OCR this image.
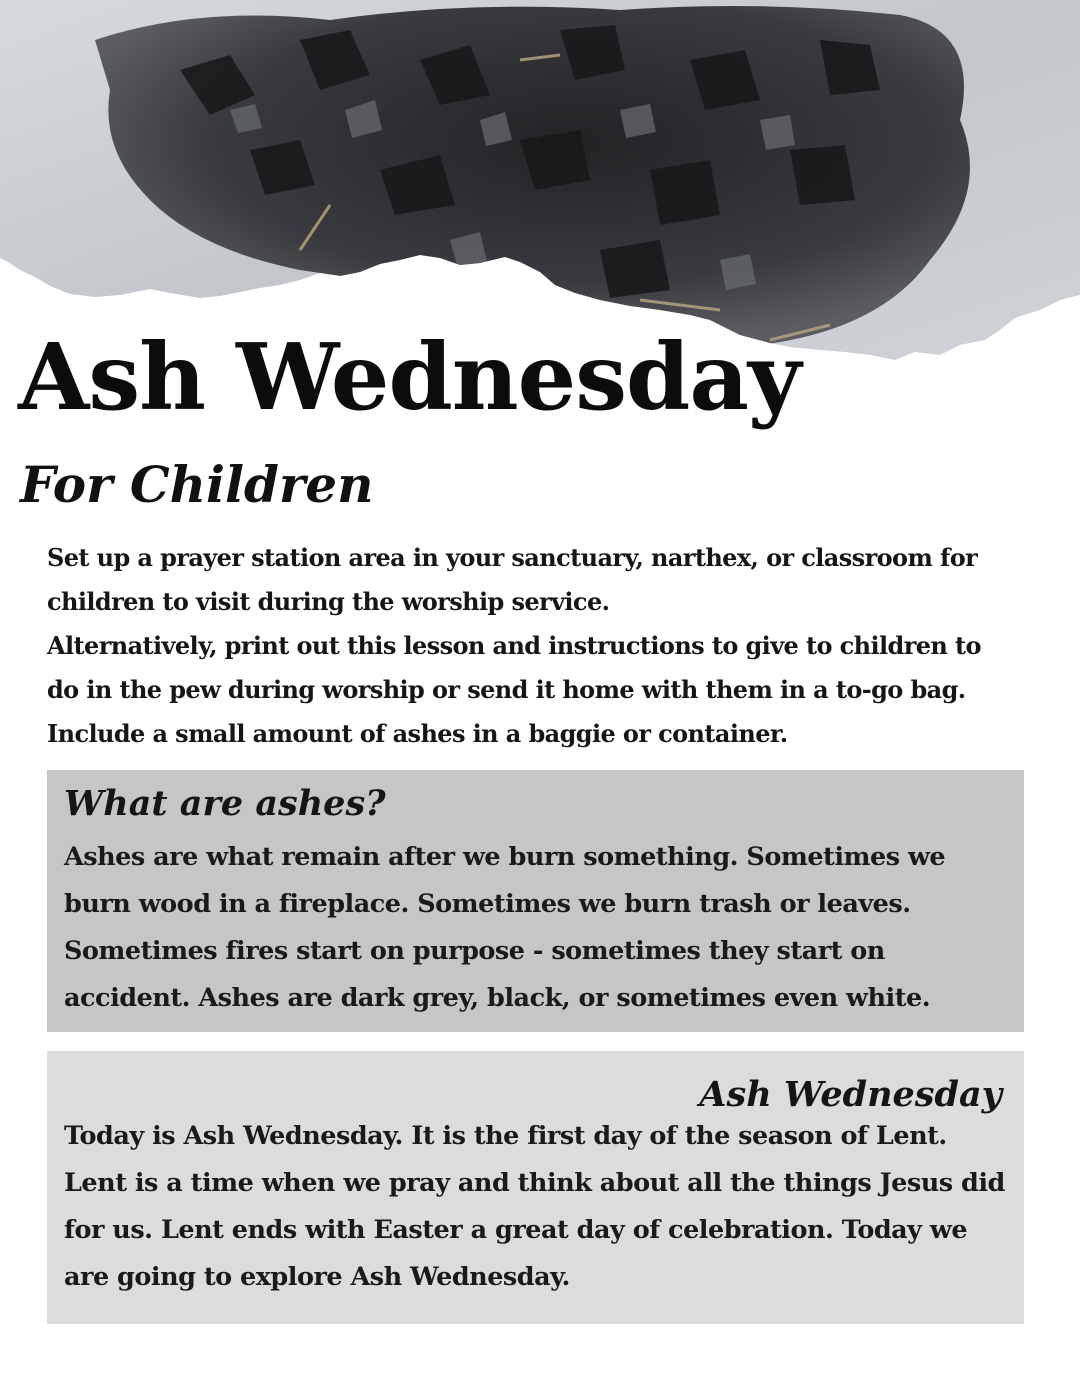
Ash Wednesday
For Children

Set up a prayer station area in your sanctuary, narthex, or classroom for
children to visit during the worship service.
Alternatively, print out this lesson and instructions to give to children to
do in the pew during worship or send it home with them in a to-go bag.
Include a small amount of ashes in a baggie or container.

What are ashes?

Ashes are what remain after we burn something. Sometimes we
burn wood in a fireplace. Sometimes we burn trash or leaves.
Sometimes fires start on purpose - sometimes they start on
accident. Ashes are dark grey, black, or sometimes even white.

Ash Wednesday

Today is Ash Wednesday. It is the first day of the season of Lent.
Lent is a time when we pray and think about all the things Jesus did
for us. Lent ends with Easter a great day of celebration. Today we
are going to explore Ash Wednesday.
